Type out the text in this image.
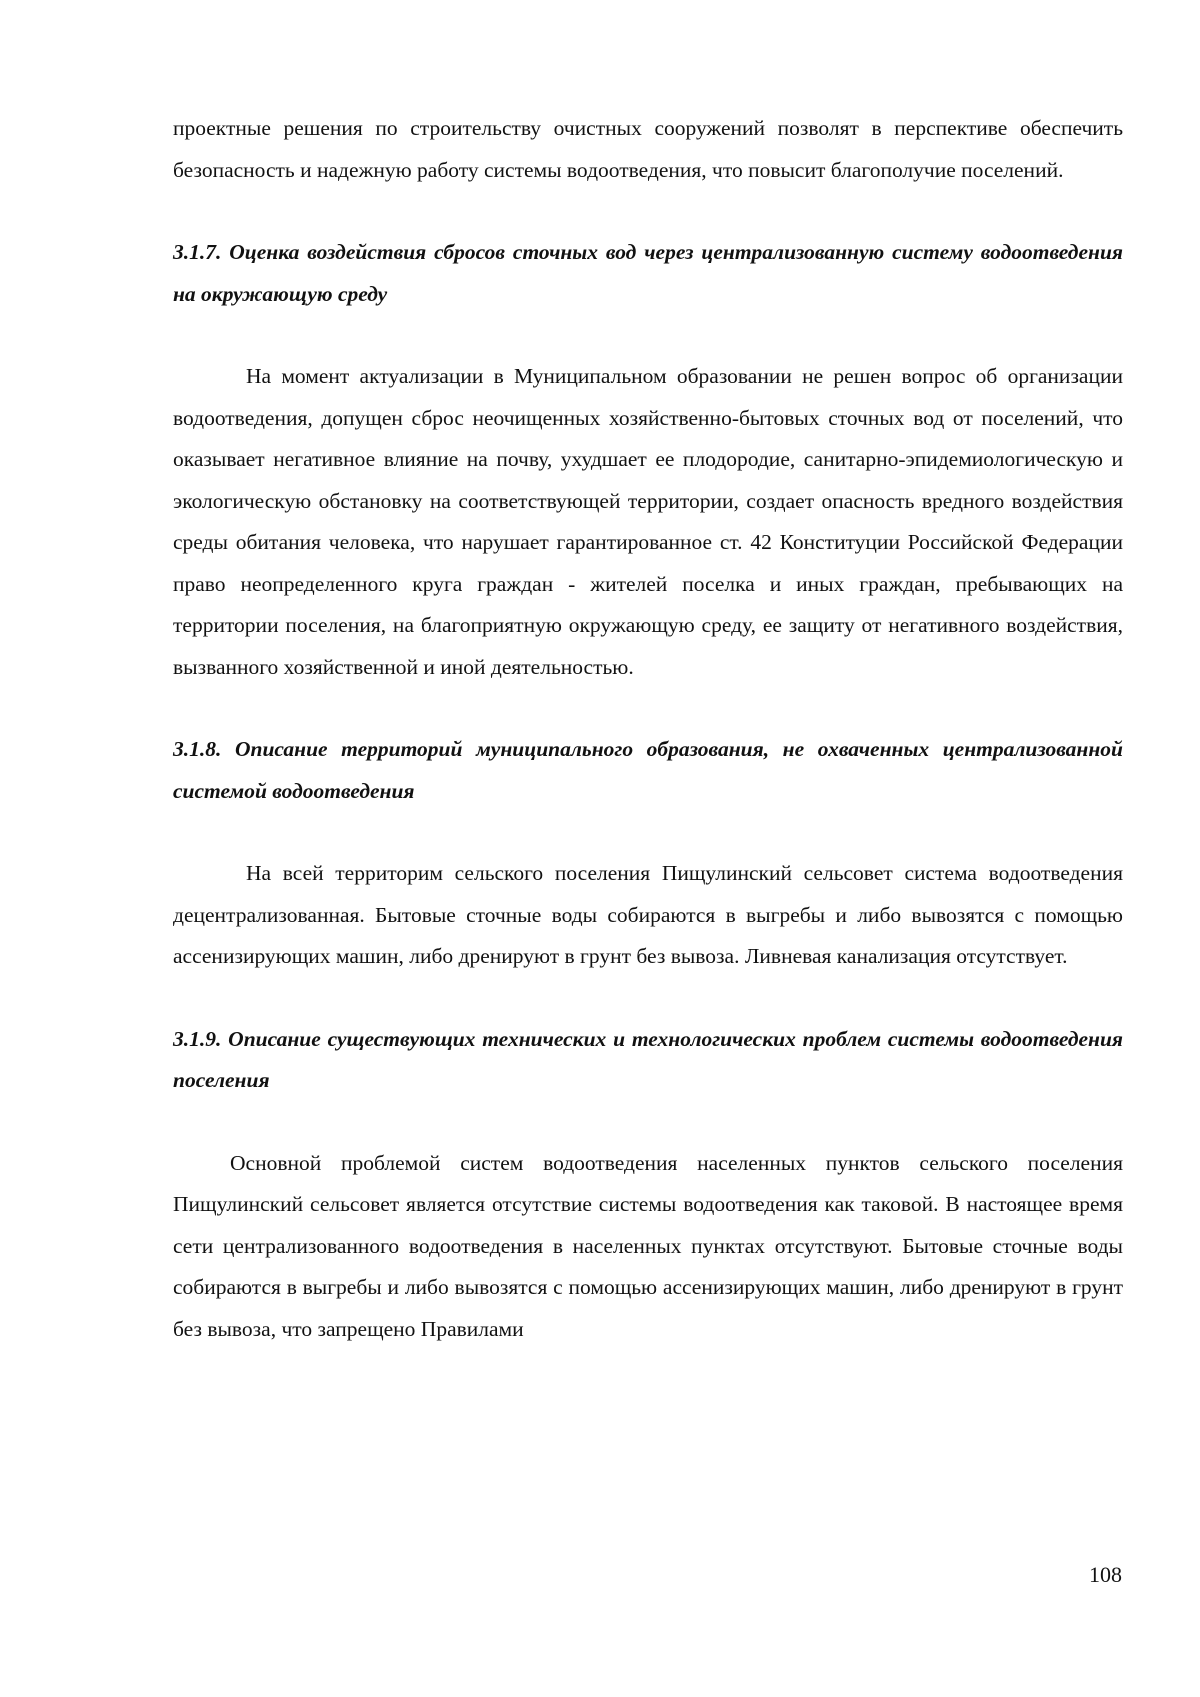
проектные решения по строительству очистных сооружений позволят в перспективе обеспечить безопасность и надежную работу системы водоотведения, что повысит благополучие поселений.

3.1.7. Оценка воздействия сбросов сточных вод через централизованную систему водоотведения на окружающую среду

На момент актуализации в Муниципальном образовании не решен вопрос об организации водоотведения, допущен сброс неочищенных хозяйственно-бытовых сточных вод от поселений, что оказывает негативное влияние на почву, ухудшает ее плодородие, санитарно-эпидемиологическую и экологическую обстановку на соответствующей территории, создает опасность вредного воздействия среды обитания человека, что нарушает гарантированное ст. 42 Конституции Российской Федерации право неопределенного круга граждан - жителей поселка и иных граждан, пребывающих на территории поселения, на благоприятную окружающую среду, ее защиту от негативного воздействия, вызванного хозяйственной и иной деятельностью.

3.1.8. Описание территорий муниципального образования, не охваченных централизованной системой водоотведения

На всей территорим сельского поселения Пищулинский сельсовет система водоотведения децентрализованная. Бытовые сточные воды собираются в выгребы и либо вывозятся с помощью ассенизирующих машин, либо дренируют в грунт без вывоза. Ливневая канализация отсутствует.

3.1.9. Описание существующих технических и технологических проблем системы водоотведения поселения

Основной проблемой систем водоотведения населенных пунктов сельского поселения Пищулинский сельсовет является отсутствие системы водоотведения как таковой. В настоящее время сети централизованного водоотведения в населенных пунктах отсутствуют. Бытовые сточные воды собираются в выгребы и либо вывозятся с помощью ассенизирующих машин, либо дренируют в грунт без вывоза, что запрещено Правилами

108
